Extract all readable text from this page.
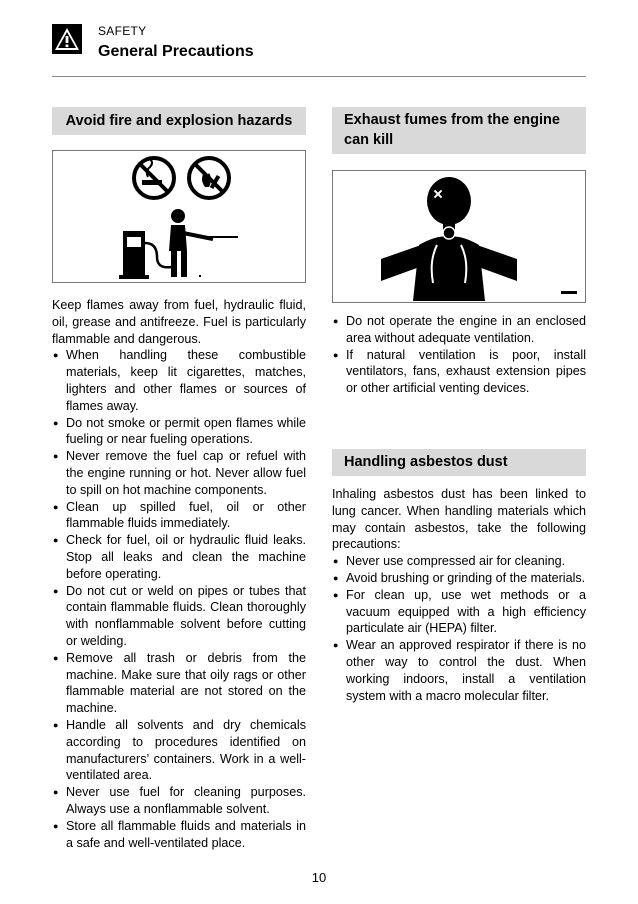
SAFETY
General Precautions
Avoid fire and explosion hazards

Keep flames away from fuel, hydraulic fluid, oil, grease and antifreeze. Fuel is particularly flammable and dangerous.

● When handling these combustible materials, keep lit cigarettes, matches, lighters and other flames or sources of flames away.
● Do not smoke or permit open flames while fueling or near fueling operations.
● Never remove the fuel cap or refuel with the engine running or hot. Never allow fuel to spill on hot machine components.
● Clean up spilled fuel, oil or other flammable fluids immediately.
● Check for fuel, oil or hydraulic fluid leaks. Stop all leaks and clean the machine before operating.
● Do not cut or weld on pipes or tubes that contain flammable fluids. Clean thoroughly with nonflammable solvent before cutting or welding.
● Remove all trash or debris from the machine. Make sure that oily rags or other flammable material are not stored on the machine.
● Handle all solvents and dry chemicals according to procedures identified on manufacturers’ containers. Work in a well-ventilated area.
● Never use fuel for cleaning purposes. Always use a nonflammable solvent.
● Store all flammable fluids and materials in a safe and well-ventilated place.
Exhaust fumes from the engine can kill
● Do not operate the engine in an enclosed area without adequate ventilation.
● If natural ventilation is poor, install ventilators, fans, exhaust extension pipes or other artificial venting devices.
Handling asbestos dust

Inhaling asbestos dust has been linked to lung cancer. When handling materials which may contain asbestos, take the following precautions:

● Never use compressed air for cleaning.
● Avoid brushing or grinding of the materials.
● For clean up, use wet methods or a vacuum equipped with a high efficiency particulate air (HEPA) filter.
● Wear an approved respirator if there is no other way to control the dust. When working indoors, install a ventilation system with a macro molecular filter.
10
